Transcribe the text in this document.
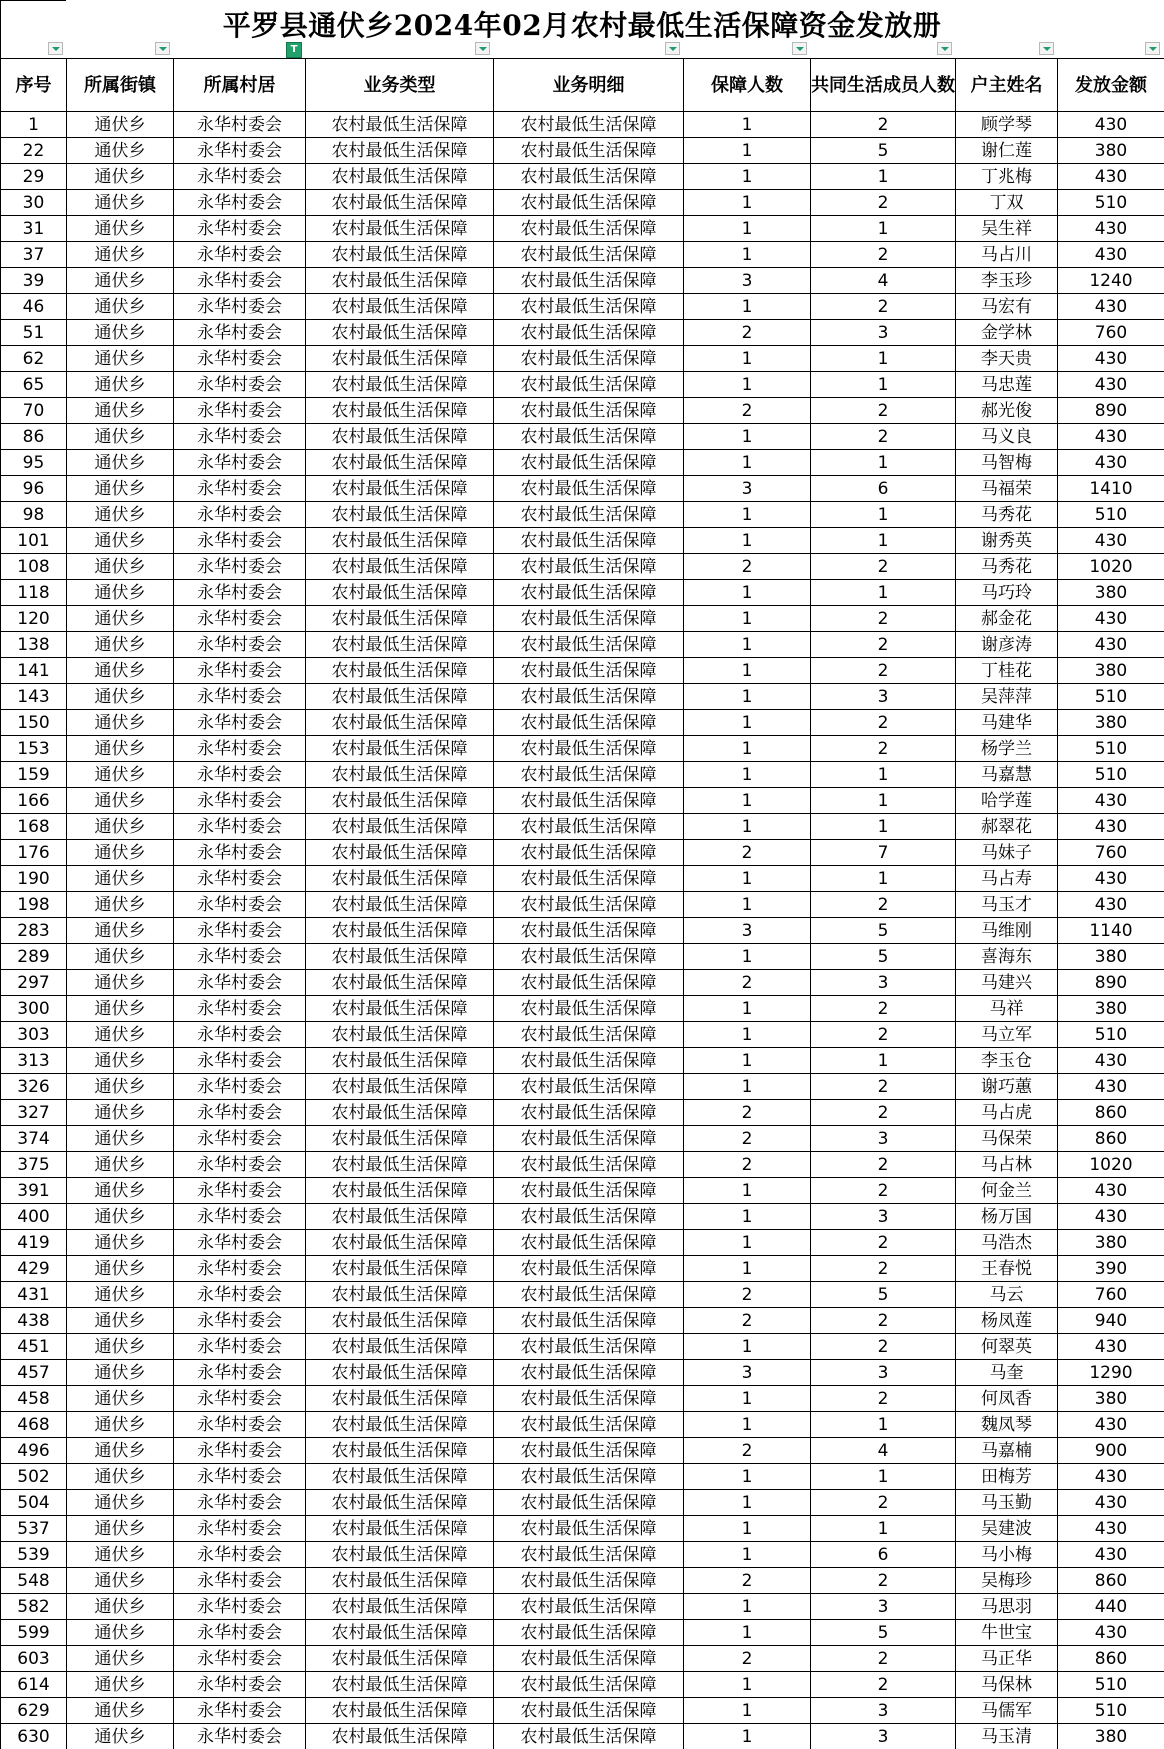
平罗县通伏乡2024年02月农村最低生活保障资金发放册
T
序号	所属街镇	所属村居	业务类型	业务明细	保障人数	共同生活成员人数	户主姓名	发放金额
1	通伏乡	永华村委会	农村最低生活保障	农村最低生活保障	1	2	顾学琴	430
22	通伏乡	永华村委会	农村最低生活保障	农村最低生活保障	1	5	谢仁莲	380
29	通伏乡	永华村委会	农村最低生活保障	农村最低生活保障	1	1	丁兆梅	430
30	通伏乡	永华村委会	农村最低生活保障	农村最低生活保障	1	2	丁双	510
31	通伏乡	永华村委会	农村最低生活保障	农村最低生活保障	1	1	吴生祥	430
37	通伏乡	永华村委会	农村最低生活保障	农村最低生活保障	1	2	马占川	430
39	通伏乡	永华村委会	农村最低生活保障	农村最低生活保障	3	4	李玉珍	1240
46	通伏乡	永华村委会	农村最低生活保障	农村最低生活保障	1	2	马宏有	430
51	通伏乡	永华村委会	农村最低生活保障	农村最低生活保障	2	3	金学林	760
62	通伏乡	永华村委会	农村最低生活保障	农村最低生活保障	1	1	李天贵	430
65	通伏乡	永华村委会	农村最低生活保障	农村最低生活保障	1	1	马忠莲	430
70	通伏乡	永华村委会	农村最低生活保障	农村最低生活保障	2	2	郝光俊	890
86	通伏乡	永华村委会	农村最低生活保障	农村最低生活保障	1	2	马义良	430
95	通伏乡	永华村委会	农村最低生活保障	农村最低生活保障	1	1	马智梅	430
96	通伏乡	永华村委会	农村最低生活保障	农村最低生活保障	3	6	马福荣	1410
98	通伏乡	永华村委会	农村最低生活保障	农村最低生活保障	1	1	马秀花	510
101	通伏乡	永华村委会	农村最低生活保障	农村最低生活保障	1	1	谢秀英	430
108	通伏乡	永华村委会	农村最低生活保障	农村最低生活保障	2	2	马秀花	1020
118	通伏乡	永华村委会	农村最低生活保障	农村最低生活保障	1	1	马巧玲	380
120	通伏乡	永华村委会	农村最低生活保障	农村最低生活保障	1	2	郝金花	430
138	通伏乡	永华村委会	农村最低生活保障	农村最低生活保障	1	2	谢彦涛	430
141	通伏乡	永华村委会	农村最低生活保障	农村最低生活保障	1	2	丁桂花	380
143	通伏乡	永华村委会	农村最低生活保障	农村最低生活保障	1	3	吴萍萍	510
150	通伏乡	永华村委会	农村最低生活保障	农村最低生活保障	1	2	马建华	380
153	通伏乡	永华村委会	农村最低生活保障	农村最低生活保障	1	2	杨学兰	510
159	通伏乡	永华村委会	农村最低生活保障	农村最低生活保障	1	1	马嘉慧	510
166	通伏乡	永华村委会	农村最低生活保障	农村最低生活保障	1	1	哈学莲	430
168	通伏乡	永华村委会	农村最低生活保障	农村最低生活保障	1	1	郝翠花	430
176	通伏乡	永华村委会	农村最低生活保障	农村最低生活保障	2	7	马妹子	760
190	通伏乡	永华村委会	农村最低生活保障	农村最低生活保障	1	1	马占寿	430
198	通伏乡	永华村委会	农村最低生活保障	农村最低生活保障	1	2	马玉才	430
283	通伏乡	永华村委会	农村最低生活保障	农村最低生活保障	3	5	马维刚	1140
289	通伏乡	永华村委会	农村最低生活保障	农村最低生活保障	1	5	喜海东	380
297	通伏乡	永华村委会	农村最低生活保障	农村最低生活保障	2	3	马建兴	890
300	通伏乡	永华村委会	农村最低生活保障	农村最低生活保障	1	2	马祥	380
303	通伏乡	永华村委会	农村最低生活保障	农村最低生活保障	1	2	马立军	510
313	通伏乡	永华村委会	农村最低生活保障	农村最低生活保障	1	1	李玉仓	430
326	通伏乡	永华村委会	农村最低生活保障	农村最低生活保障	1	2	谢巧蕙	430
327	通伏乡	永华村委会	农村最低生活保障	农村最低生活保障	2	2	马占虎	860
374	通伏乡	永华村委会	农村最低生活保障	农村最低生活保障	2	3	马保荣	860
375	通伏乡	永华村委会	农村最低生活保障	农村最低生活保障	2	2	马占林	1020
391	通伏乡	永华村委会	农村最低生活保障	农村最低生活保障	1	2	何金兰	430
400	通伏乡	永华村委会	农村最低生活保障	农村最低生活保障	1	3	杨万国	430
419	通伏乡	永华村委会	农村最低生活保障	农村最低生活保障	1	2	马浩杰	380
429	通伏乡	永华村委会	农村最低生活保障	农村最低生活保障	1	2	王春悦	390
431	通伏乡	永华村委会	农村最低生活保障	农村最低生活保障	2	5	马云	760
438	通伏乡	永华村委会	农村最低生活保障	农村最低生活保障	2	2	杨凤莲	940
451	通伏乡	永华村委会	农村最低生活保障	农村最低生活保障	1	2	何翠英	430
457	通伏乡	永华村委会	农村最低生活保障	农村最低生活保障	3	3	马奎	1290
458	通伏乡	永华村委会	农村最低生活保障	农村最低生活保障	1	2	何凤香	380
468	通伏乡	永华村委会	农村最低生活保障	农村最低生活保障	1	1	魏凤琴	430
496	通伏乡	永华村委会	农村最低生活保障	农村最低生活保障	2	4	马嘉楠	900
502	通伏乡	永华村委会	农村最低生活保障	农村最低生活保障	1	1	田梅芳	430
504	通伏乡	永华村委会	农村最低生活保障	农村最低生活保障	1	2	马玉勤	430
537	通伏乡	永华村委会	农村最低生活保障	农村最低生活保障	1	1	吴建波	430
539	通伏乡	永华村委会	农村最低生活保障	农村最低生活保障	1	6	马小梅	430
548	通伏乡	永华村委会	农村最低生活保障	农村最低生活保障	2	2	吴梅珍	860
582	通伏乡	永华村委会	农村最低生活保障	农村最低生活保障	1	3	马思羽	440
599	通伏乡	永华村委会	农村最低生活保障	农村最低生活保障	1	5	牛世宝	430
603	通伏乡	永华村委会	农村最低生活保障	农村最低生活保障	2	2	马正华	860
614	通伏乡	永华村委会	农村最低生活保障	农村最低生活保障	1	2	马保林	510
629	通伏乡	永华村委会	农村最低生活保障	农村最低生活保障	1	3	马儒军	510
630	通伏乡	永华村委会	农村最低生活保障	农村最低生活保障	1	3	马玉清	380
